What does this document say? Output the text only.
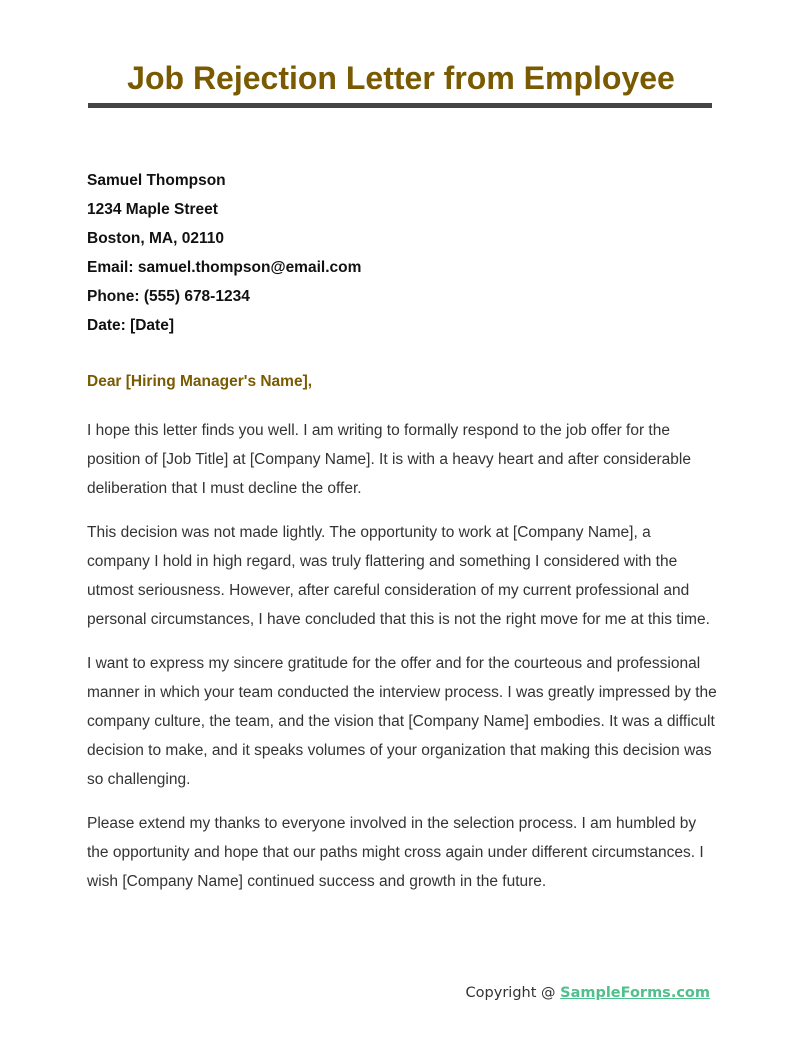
Job Rejection Letter from Employee
Samuel Thompson
1234 Maple Street
Boston, MA, 02110
Email: samuel.thompson@email.com
Phone: (555) 678-1234
Date: [Date]
Dear [Hiring Manager's Name],

I hope this letter finds you well. I am writing to formally respond to the job offer for the position of [Job Title] at [Company Name]. It is with a heavy heart and after considerable deliberation that I must decline the offer.

This decision was not made lightly. The opportunity to work at [Company Name], a company I hold in high regard, was truly flattering and something I considered with the utmost seriousness. However, after careful consideration of my current professional and personal circumstances, I have concluded that this is not the right move for me at this time.

I want to express my sincere gratitude for the offer and for the courteous and professional manner in which your team conducted the interview process. I was greatly impressed by the company culture, the team, and the vision that [Company Name] embodies. It was a difficult decision to make, and it speaks volumes of your organization that making this decision was so challenging.

Please extend my thanks to everyone involved in the selection process. I am humbled by the opportunity and hope that our paths might cross again under different circumstances. I wish [Company Name] continued success and growth in the future.

Copyright @ SampleForms.com
